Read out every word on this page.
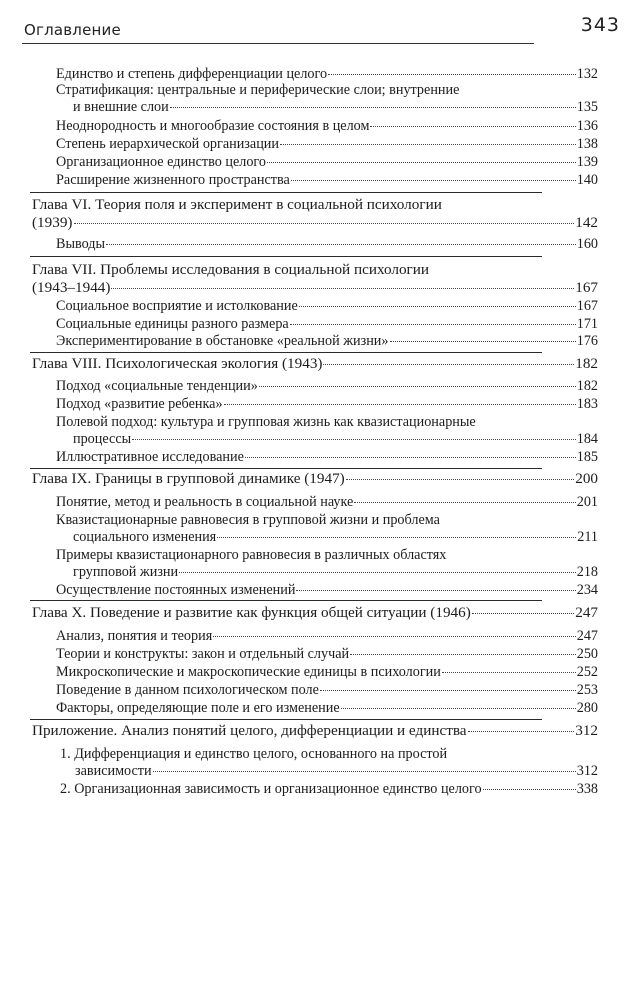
Оглавление	343
Единство и степень дифференциации целого	132
Стратификация: центральные и периферические слои; внутренние
и внешние слои	135
Неоднородность и многообразие состояния в целом	136
Степень иерархической организации	138
Организационное единство целого	139
Расширение жизненного пространства	140
Глава VI. Теория поля и эксперимент в социальной психологии
(1939)	142
Выводы	160
Глава VII. Проблемы исследования в социальной психологии
(1943–1944)	167
Социальное восприятие и истолкование	167
Социальные единицы разного размера	171
Экспериментирование в обстановке «реальной жизни»	176
Глава VIII. Психологическая экология (1943)	182
Подход «социальные тенденции»	182
Подход «развитие ребенка»	183
Полевой подход: культура и групповая жизнь как квазистационарные
процессы	184
Иллюстративное исследование	185
Глава IX. Границы в групповой динамике (1947)	200
Понятие, метод и реальность в социальной науке	201
Квазистационарные равновесия в групповой жизни и проблема
социального изменения	211
Примеры квазистационарного равновесия в различных областях
групповой жизни	218
Осуществление постоянных изменений	234
Глава X. Поведение и развитие как функция общей ситуации (1946)	247
Анализ, понятия и теория	247
Теории и конструкты: закон и отдельный случай	250
Микроскопические и макроскопические единицы в психологии	252
Поведение в данном психологическом поле	253
Факторы, определяющие поле и его изменение	280
Приложение. Анализ понятий целого, дифференциации и единства	312
1. Дифференциация и единство целого, основанного на простой
зависимости	312
2. Организационная зависимость и организационное единство целого	338
